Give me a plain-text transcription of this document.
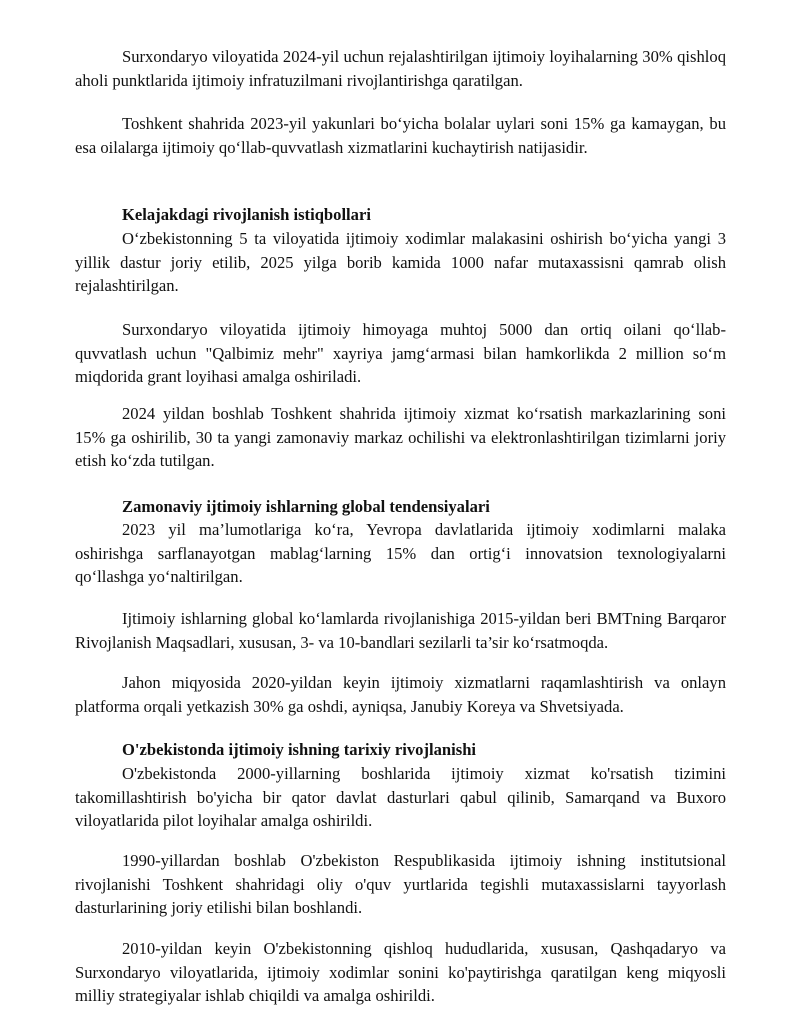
Surxondaryo viloyatida 2024-yil uchun rejalashtirilgan ijtimoiy loyihalarning 30% qishloq aholi punktlarida ijtimoiy infratuzilmani rivojlantirishga qaratilgan.

Toshkent shahrida 2023-yil yakunlari bo‘yicha bolalar uylari soni 15% ga kamaygan, bu esa oilalarga ijtimoiy qo‘llab-quvvatlash xizmatlarini kuchaytirish natijasidir.

Kelajakdagi rivojlanish istiqbollari

O‘zbekistonning 5 ta viloyatida ijtimoiy xodimlar malakasini oshirish bo‘yicha yangi 3 yillik dastur joriy etilib, 2025 yilga borib kamida 1000 nafar mutaxassisni qamrab olish rejalashtirilgan.

Surxondaryo viloyatida ijtimoiy himoyaga muhtoj 5000 dan ortiq oilani qo‘llab-quvvatlash uchun "Qalbimiz mehr" xayriya jamg‘armasi bilan hamkorlikda 2 million so‘m miqdorida grant loyihasi amalga oshiriladi.

2024 yildan boshlab Toshkent shahrida ijtimoiy xizmat ko‘rsatish markazlarining soni 15% ga oshirilib, 30 ta yangi zamonaviy markaz ochilishi va elektronlashtirilgan tizimlarni joriy etish ko‘zda tutilgan.

Zamonaviy ijtimoiy ishlarning global tendensiyalari

2023 yil ma’lumotlariga ko‘ra, Yevropa davlatlarida ijtimoiy xodimlarni malaka oshirishga sarflanayotgan mablag‘larning 15% dan ortig‘i innovatsion texnologiyalarni qo‘llashga yo‘naltirilgan.

Ijtimoiy ishlarning global ko‘lamlarda rivojlanishiga 2015-yildan beri BMTning Barqaror Rivojlanish Maqsadlari, xususan, 3- va 10-bandlari sezilarli ta’sir ko‘rsatmoqda.

Jahon miqyosida 2020-yildan keyin ijtimoiy xizmatlarni raqamlashtirish va onlayn platforma orqali yetkazish 30% ga oshdi, ayniqsa, Janubiy Koreya va Shvetsiyada.

O'zbekistonda ijtimoiy ishning tarixiy rivojlanishi

O'zbekistonda 2000-yillarning boshlarida ijtimoiy xizmat ko'rsatish tizimini takomillashtirish bo'yicha bir qator davlat dasturlari qabul qilinib, Samarqand va Buxoro viloyatlarida pilot loyihalar amalga oshirildi.

1990-yillardan boshlab O'zbekiston Respublikasida ijtimoiy ishning institutsional rivojlanishi Toshkent shahridagi oliy o'quv yurtlarida tegishli mutaxassislarni tayyorlash dasturlarining joriy etilishi bilan boshlandi.

2010-yildan keyin O'zbekistonning qishloq hududlarida, xususan, Qashqadaryo va Surxondaryo viloyatlarida, ijtimoiy xodimlar sonini ko'paytirishga qaratilgan keng miqyosli milliy strategiyalar ishlab chiqildi va amalga oshirildi.
